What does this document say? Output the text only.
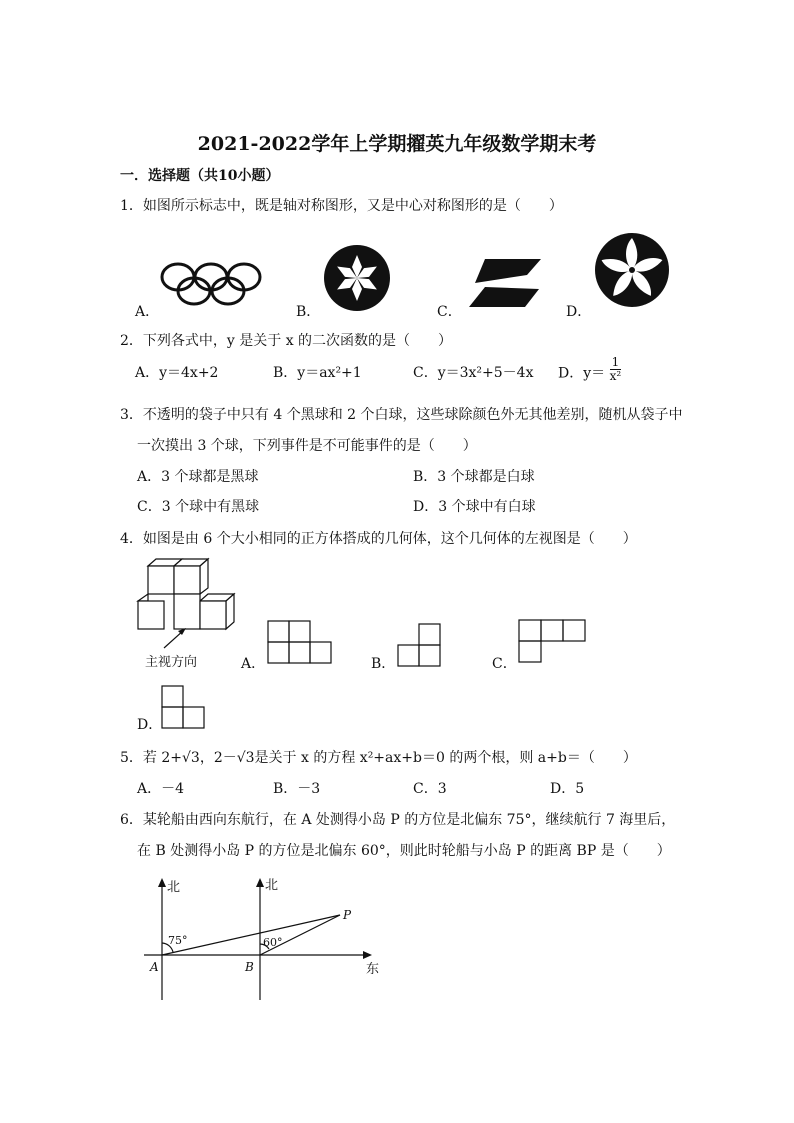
2021-2022学年上学期擢英九年级数学期末考
一．选择题（共10小题）
1．如图所示标志中，既是轴对称图形，又是中心对称图形的是（　　）
A．	B．	C．	D．
2．下列各式中，y 是关于 x 的二次函数的是（　　）
A．y＝4x+2	B．y＝ax²+1	C．y＝3x²+5－4x D．$y= \frac{1}{\text{x²}}$
3．不透明的袋子中只有 4 个黑球和 2 个白球，这些球除颜色外无其他差别，随机从袋子中
一次摸出 3 个球，下列事件是不可能事件的是（　　）
A．3 个球都是黑球	B．3 个球都是白球
C．3 个球中有黑球	D．3 个球中有白球
4．如图是由 6 个大小相同的正方体搭成的几何体，这个几何体的左视图是（　　）
主视方向	A．	B．	C．
D．
5．若 2+√3，2－√3是关于 x 的方程 x²+ax+b＝0 的两个根，则 a+b＝（　　）
A．－4	B．－3	C．3	D．5
6．某轮船由西向东航行，在 A 处测得小岛 P 的方位是北偏东 75°，继续航行 7 海里后，
在 B 处测得小岛 P 的方位是北偏东 60°，则此时轮船与小岛 P 的距离 BP 是（　　）
北	北
东
A	B
P
75°	60°
